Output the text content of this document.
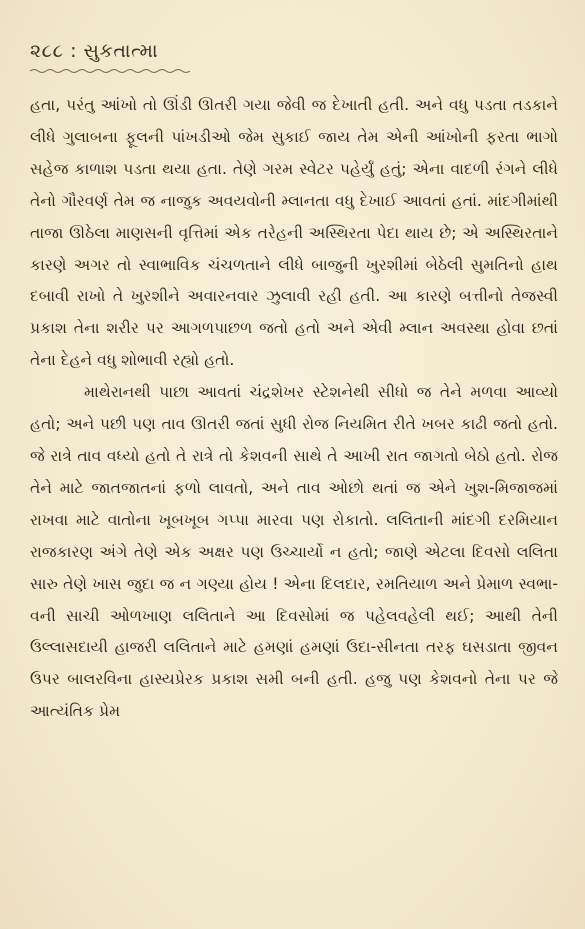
૨૮૮ : સુકતાત્મા

હતા, પરંતુ આંખો તો ઊંડી ઊતરી ગયા જેવી જ દેખાતી હતી. અને વધુ પડતા તડકાને લીધે ગુલાબના ફૂલની પાંખડીઓ જેમ સુકાઈ જાય તેમ એની આંખોની ફરતા ભાગો સહેજ કાળાશ પડતા થયા હતા. તેણે ગરમ સ્વેટર પહેર્યું હતું; એના વાદળી રંગને લીધે તેનો ગૌરવર્ણ તેમ જ નાજુક અવયવોની મ્લાનતા વધુ દેખાઈ આવતાં હતાં. માંદગીમાંથી તાજા ઊઠેલા માણસની વૃત્તિમાં એક તરેહની અસ્થિરતા પેદા થાય છે; એ અસ્થિરતાને કારણે અગર તો સ્વાભાવિક ચંચળતાને લીધે બાજુની ખુરશીમાં બેઠેલી સુમતિનો હાથ દબાવી રાખો તે ખુરશીને અવારનવાર ઝુલાવી રહી હતી. આ કારણે બત્તીનો તેજસ્વી પ્રકાશ તેના શરીર પર આગળપાછળ જતો હતો અને એવી મ્લાન અવસ્થા હોવા છતાં તેના દેહને વધુ શોભાવી રહ્યો હતો.

માથેરાનથી પાછા આવતાં ચંદ્રશેખર સ્ટેશનેથી સીધો જ તેને મળવા આવ્યો હતો; અને પછી પણ તાવ ઊતરી જતાં સુધી રોજ નિયમિત રીતે ખબર કાઢી જતો હતો. જે રાત્રે તાવ વધ્યો હતો તે રાત્રે તો કેશવની સાથે તે આખી રાત જાગતો બેઠો હતો. રોજ તેને માટે જાતજાતનાં ફળો લાવતો, અને તાવ ઓછો થતાં જ એને ખુશ-મિજાજમાં રાખવા માટે વાતોના ખૂબખૂબ ગપ્પા મારવા પણ રોકાતો. લલિતાની માંદગી દરમિયાન રાજકારણ અંગે તેણે એક અક્ષર પણ ઉચ્ચાર્યો ન હતો; જાણે એટલા દિવસો લલિતા સારુ તેણે ખાસ જુદા જ ન ગણ્યા હોય ! એના દિલદાર, રમતિયાળ અને પ્રેમાળ સ્વભા-વની સાચી ઓળખાણ લલિતાને આ દિવસોમાં જ પહેલવહેલી થઈ; આથી તેની ઉલ્લાસદાયી હાજરી લલિતાને માટે હમણાં હમણાં ઉદા-સીનતા તરફ ઘસડાતા જીવન ઉપર બાલરવિના હાસ્યપ્રેરક પ્રકાશ સમી બની હતી. હજુ પણ કેશવનો તેના પર જે આત્યંતિક પ્રેમ
